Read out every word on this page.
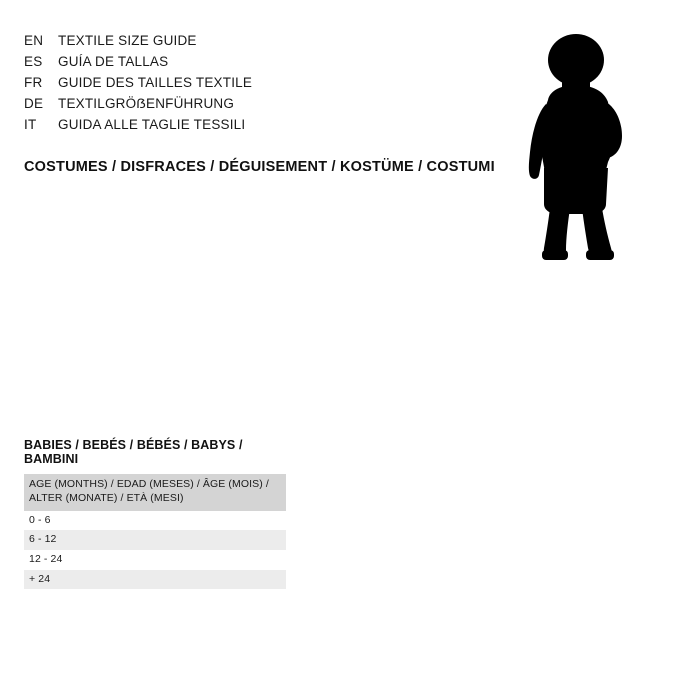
EN	TEXTILE SIZE GUIDE
ES	GUÍA DE TALLAS
FR	GUIDE DES TAILLES TEXTILE
DE	TEXTILGRÖẞENFÜHRUNG
IT	GUIDA ALLE TAGLIE TESSILI
COSTUMES / DISFRACES / DÉGUISEMENT / KOSTÜME / COSTUMI
BABIES / BEBÉS / BÉBÉS / BABYS / BAMBINI
AGE (MONTHS) / EDAD (MESES) / ÂGE (MOIS) / ALTER (MONATE) / ETÀ (MESI)
0 - 6
6 - 12
12 - 24
+ 24
